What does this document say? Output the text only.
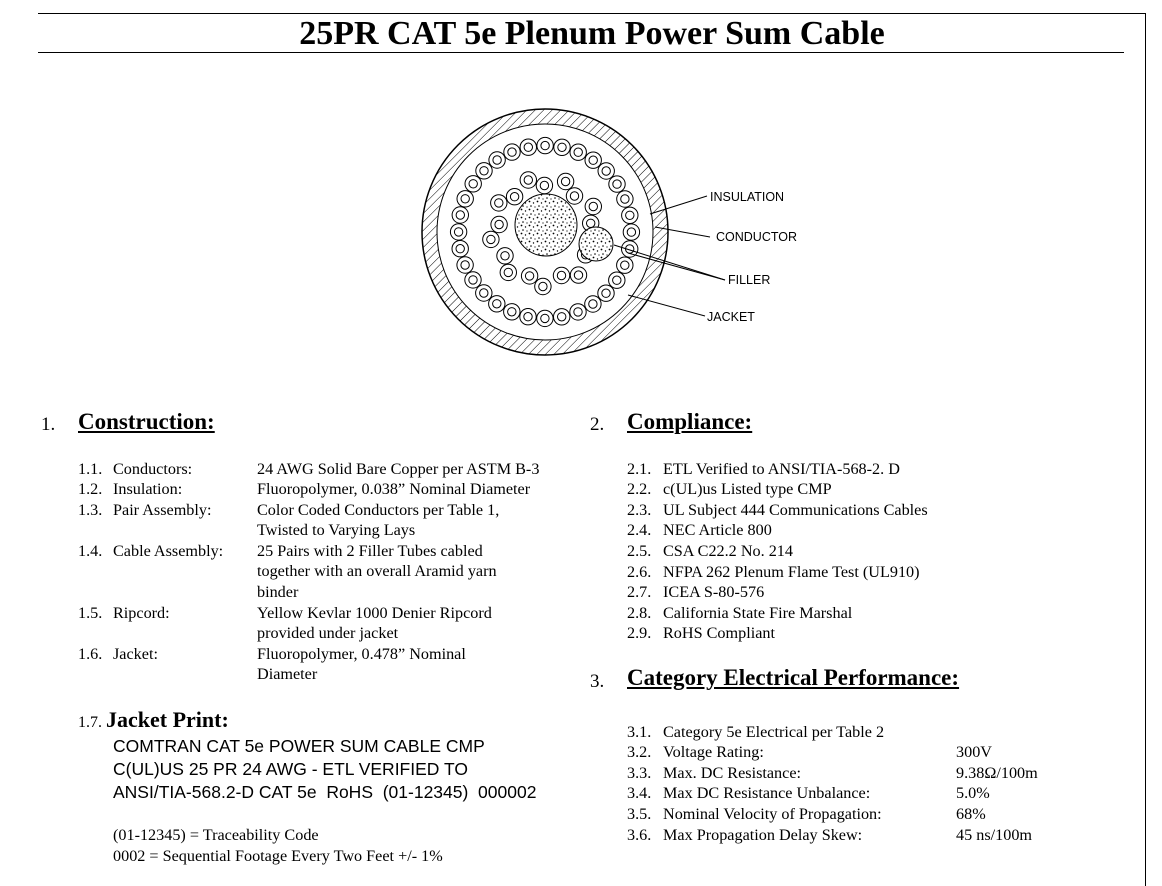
25PR CAT 5e Plenum Power Sum Cable
INSULATION
CONDUCTOR
FILLER
JACKET
1. Construction:
1.1. Conductors:	24 AWG Solid Bare Copper per ASTM B-3
1.2. Insulation:	Fluoropolymer, 0.038” Nominal Diameter
1.3. Pair Assembly:	Color Coded Conductors per Table 1,
Twisted to Varying Lays
1.4. Cable Assembly: 25 Pairs with 2 Filler Tubes cabled
together with an overall Aramid yarn
binder
1.5. Ripcord:	Yellow Kevlar 1000 Denier Ripcord
provided under jacket
1.6. Jacket:	Fluoropolymer, 0.478” Nominal
Diameter
1.7. Jacket Print:
COMTRAN CAT 5e POWER SUM CABLE CMP
C(UL)US 25 PR 24 AWG - ETL VERIFIED TO
ANSI/TIA-568.2-D CAT 5e  RoHS  (01-12345)  000002
(01-12345) = Traceability Code
0002 = Sequential Footage Every Two Feet +/- 1%
2. Compliance:
2.1. ETL Verified to ANSI/TIA-568-2. D
2.2. c(UL)us Listed type CMP
2.3. UL Subject 444 Communications Cables
2.4. NEC Article 800
2.5. CSA C22.2 No. 214
2.6. NFPA 262 Plenum Flame Test (UL910)
2.7. ICEA S-80-576
2.8. California State Fire Marshal
2.9. RoHS Compliant
3. Category Electrical Performance:
3.1. Category 5e Electrical per Table 2
3.2. Voltage Rating:	300V
3.3. Max. DC Resistance:	9.38Ω/100m
3.4. Max DC Resistance Unbalance:	5.0%
3.5. Nominal Velocity of Propagation:	68%
3.6. Max Propagation Delay Skew:	45 ns/100m
